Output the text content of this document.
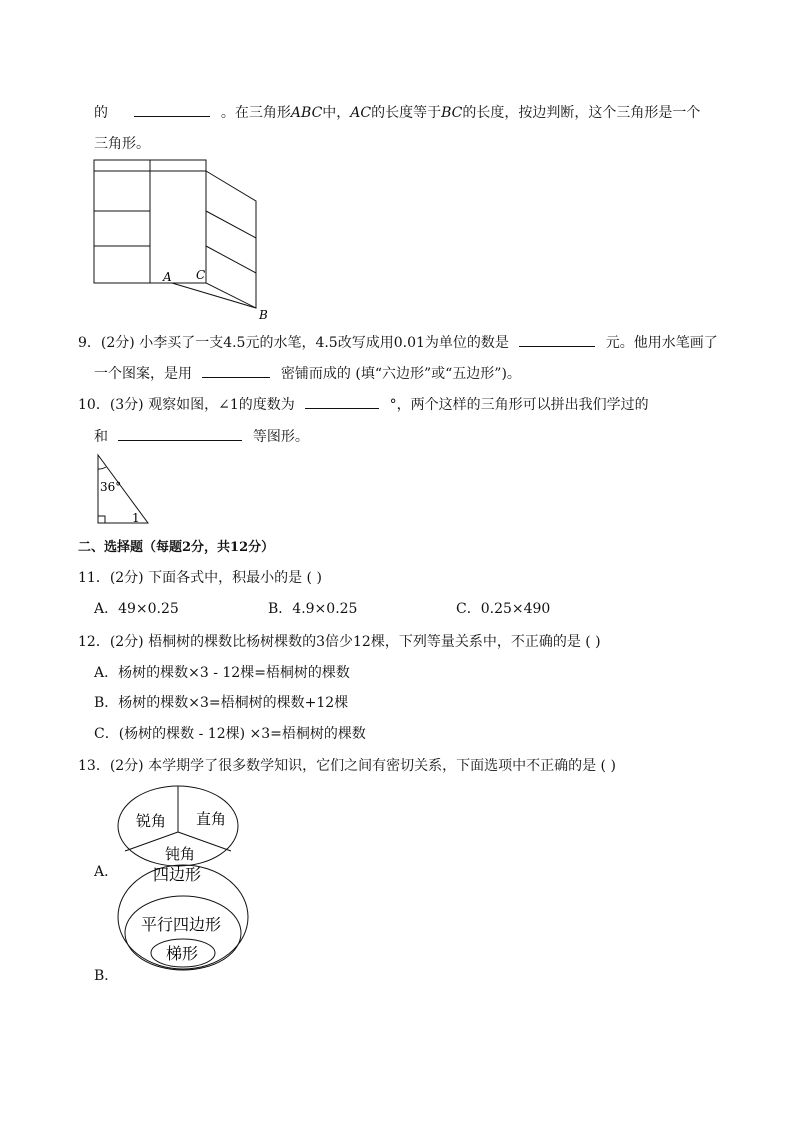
的	。在三角形ABC中，AC的长度等于BC的长度，按边判断，这个三角形是一个
三角形。
A C
B
9．(2分) 小李买了一支4.5元的水笔，4.5改写成用0.01为单位的数是	元。他用水笔画了
一个图案，是用	密铺而成的 (填“六边形”或“五边形”)。
10．(3分) 观察如图，∠1的度数为	°，两个这样的三角形可以拼出我们学过的
和	等图形。
36°
1
二、选择题（每题2分，共12分）
11．(2分) 下面各式中，积最小的是 ( )
A．49×0.25	B．4.9×0.25	C．0.25×490
12．(2分) 梧桐树的棵数比杨树棵数的3倍少12棵，下列等量关系中，不正确的是 ( )
A．杨树的棵数×3 - 12棵=梧桐树的棵数
B．杨树的棵数×3=梧桐树的棵数+12棵
C．(杨树的棵数 - 12棵) ×3=梧桐树的棵数
13．(2分) 本学期学了很多数学知识，它们之间有密切关系，下面选项中不正确的是 ( )
锐角 直角
钝角
A． 四边形
平行四边形
梯形
B．
